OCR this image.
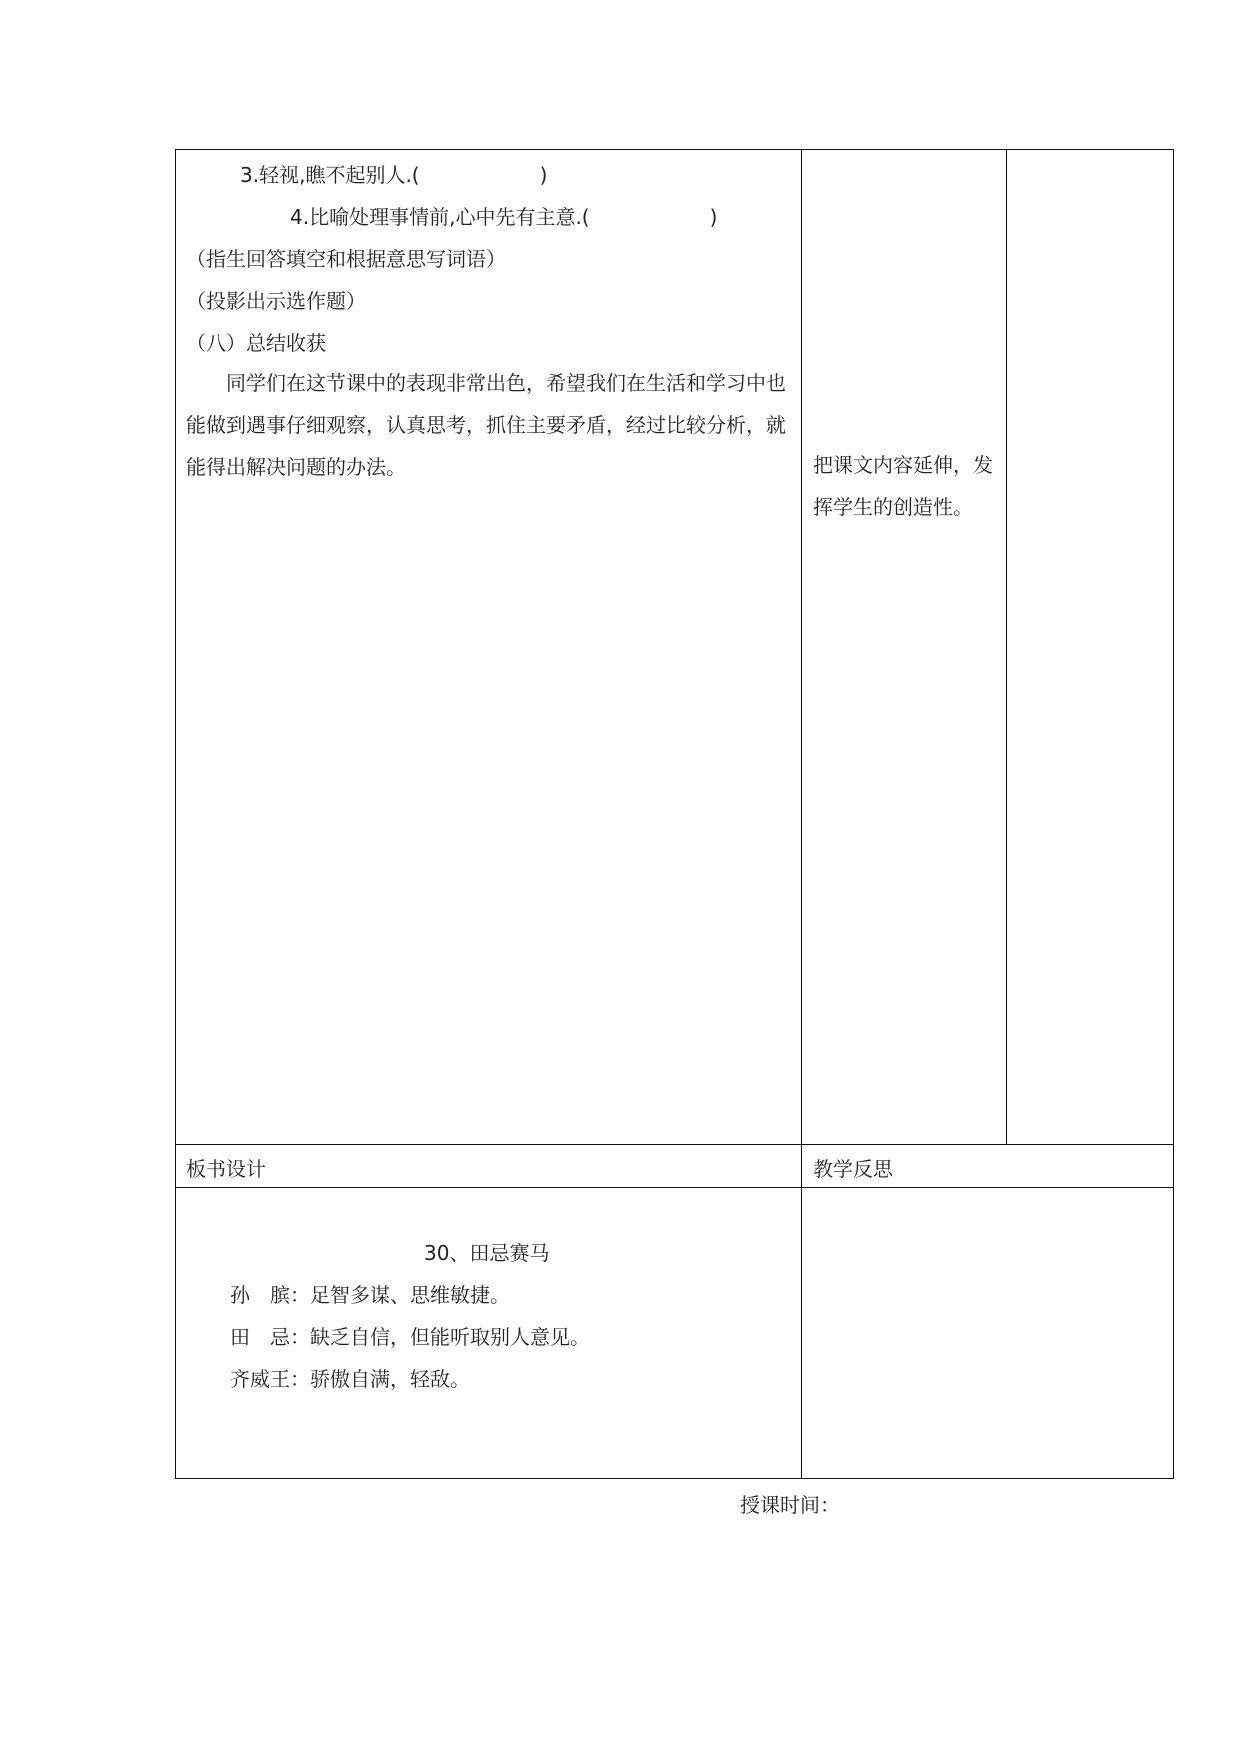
3.轻视,瞧不起别人.(　　　　　　)
4.比喻处理事情前,心中先有主意.(　　　　　　)
（指生回答填空和根据意思写词语）
（投影出示选作题）
（八）总结收获
同学们在这节课中的表现非常出色，希望我们在生活和学习中也能做到遇事仔细观察，认真思考，抓住主要矛盾，经过比较分析，就能得出解决问题的办法。	把课文内容延伸，发挥学生的创造性。
板书设计	教学反思
30、田忌赛马
孙　膑：足智多谋、思维敏捷。
田　忌：缺乏自信，但能听取别人意见。
齐威王：骄傲自满，轻敌。
授课时间：
